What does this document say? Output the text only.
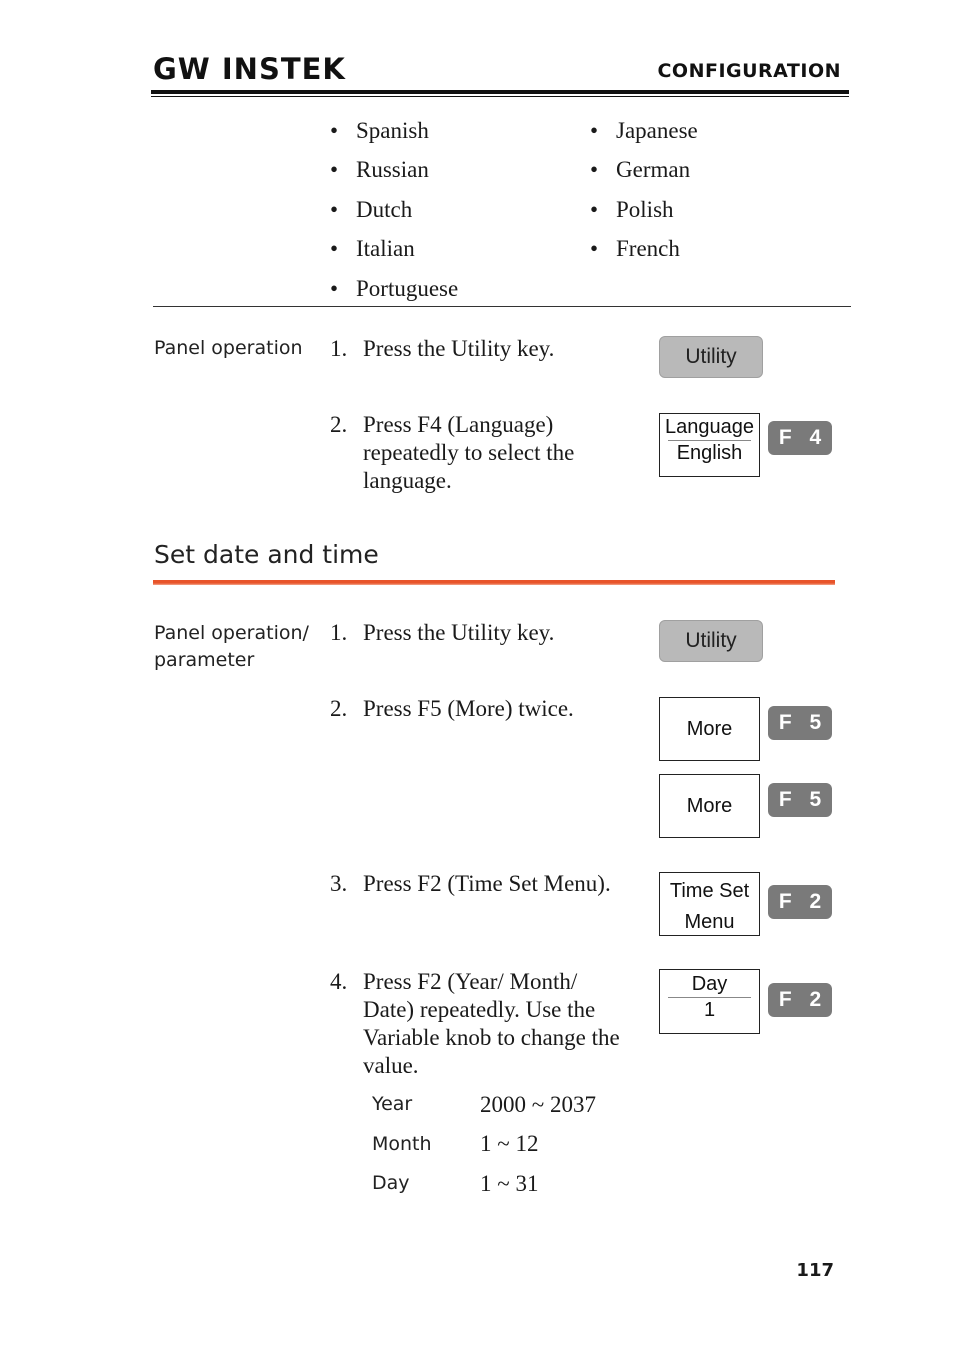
GW INSTEK	CONFIGURATION
• Spanish
• Russian
• Dutch
• Italian
• Portuguese
• Japanese
• German
• Polish
• French
Panel operation 1. Press the Utility key.	Utility
2. Press F4 (Language)
repeatedly to select the
language.
Language
English
F 4
Set date and time
Panel operation/
parameter
1. Press the Utility key.	Utility
2. Press F5 (More) twice.
More	F 5
More	F 5
3. Press F2 (Time Set Menu).	Time Set
Menu
F 2
4. Press F2 (Year/ Month/
Date) repeatedly. Use the
Variable knob to change the
value.
Day
1	F 2
Year	2000 ~ 2037
Month 1 ~ 12
Day	1 ~ 31
117
